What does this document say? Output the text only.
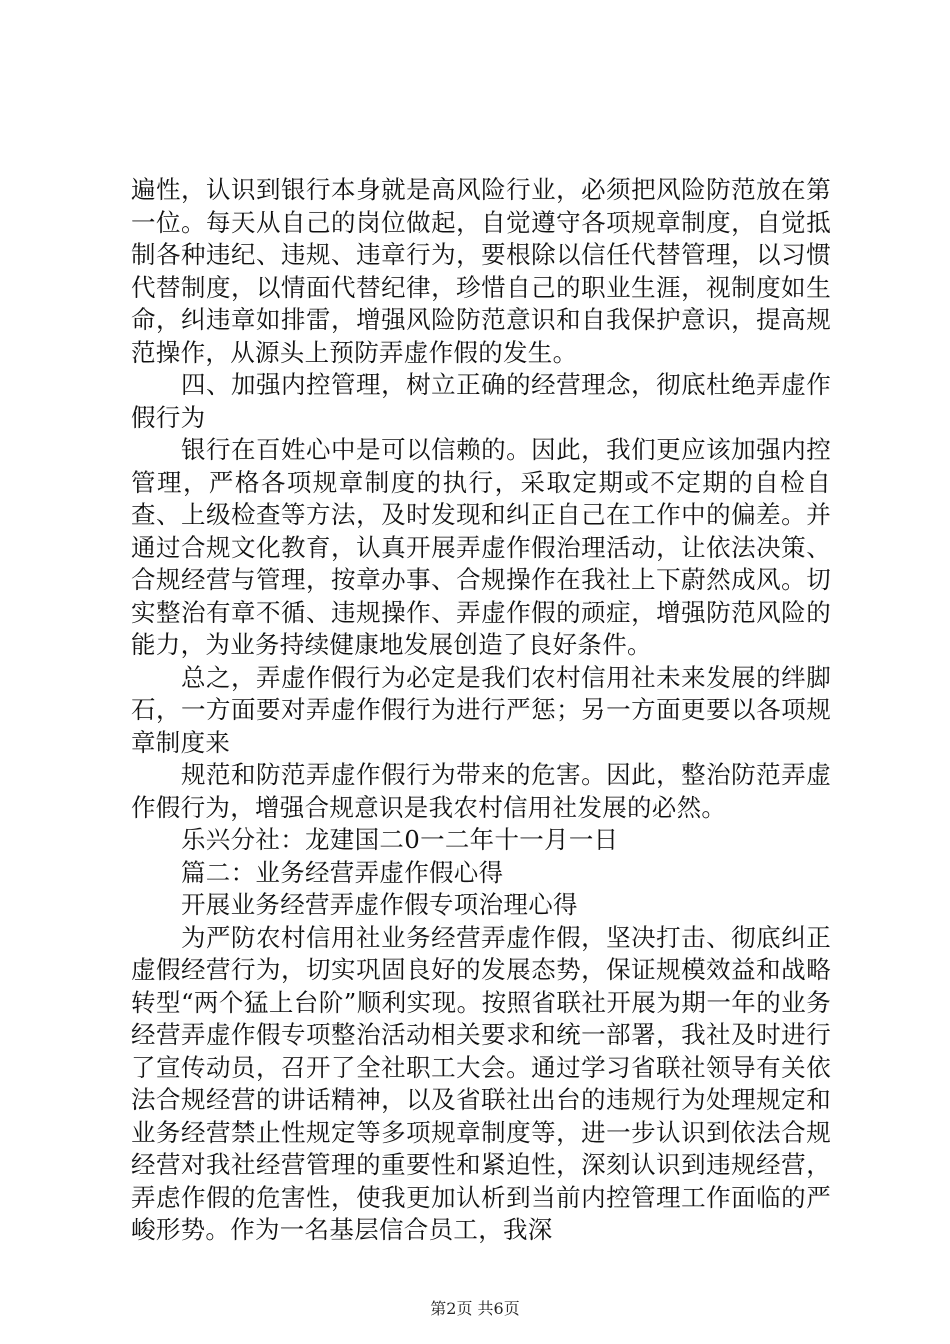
遍性，认识到银行本身就是高风险行业，必须把风险防范放在第一位。每天从自己的岗位做起，自觉遵守各项规章制度，自觉抵制各种违纪、违规、违章行为，要根除以信任代替管理，以习惯代替制度，以情面代替纪律，珍惜自己的职业生涯，视制度如生命，纠违章如排雷，增强风险防范意识和自我保护意识，提高规范操作，从源头上预防弄虚作假的发生。

四、加强内控管理，树立正确的经营理念，彻底杜绝弄虚作假行为

银行在百姓心中是可以信赖的。因此，我们更应该加强内控管理，严格各项规章制度的执行，采取定期或不定期的自检自查、上级检查等方法，及时发现和纠正自己在工作中的偏差。并通过合规文化教育，认真开展弄虚作假治理活动，让依法决策、合规经营与管理，按章办事、合规操作在我社上下蔚然成风。切实整治有章不循、违规操作、弄虚作假的顽症，增强防范风险的能力，为业务持续健康地发展创造了良好条件。

总之，弄虚作假行为必定是我们农村信用社未来发展的绊脚石，一方面要对弄虚作假行为进行严惩；另一方面更要以各项规章制度来

规范和防范弄虚作假行为带来的危害。因此，整治防范弄虚作假行为，增强合规意识是我农村信用社发展的必然。

乐兴分社：龙建国二0一二年十一月一日

篇二：业务经营弄虚作假心得

开展业务经营弄虚作假专项治理心得

为严防农村信用社业务经营弄虚作假，坚决打击、彻底纠正虚假经营行为，切实巩固良好的发展态势，保证规模效益和战略转型“两个猛上台阶”顺利实现。按照省联社开展为期一年的业务经营弄虚作假专项整治活动相关要求和统一部署，我社及时进行了宣传动员，召开了全社职工大会。通过学习省联社领导有关依法合规经营的讲话精神，以及省联社出台的违规行为处理规定和业务经营禁止性规定等多项规章制度等，进一步认识到依法合规经营对我社经营管理的重要性和紧迫性，深刻认识到违规经营，弄虑作假的危害性，使我更加认析到当前内控管理工作面临的严峻形势。作为一名基层信合员工，我深

第2页 共6页
